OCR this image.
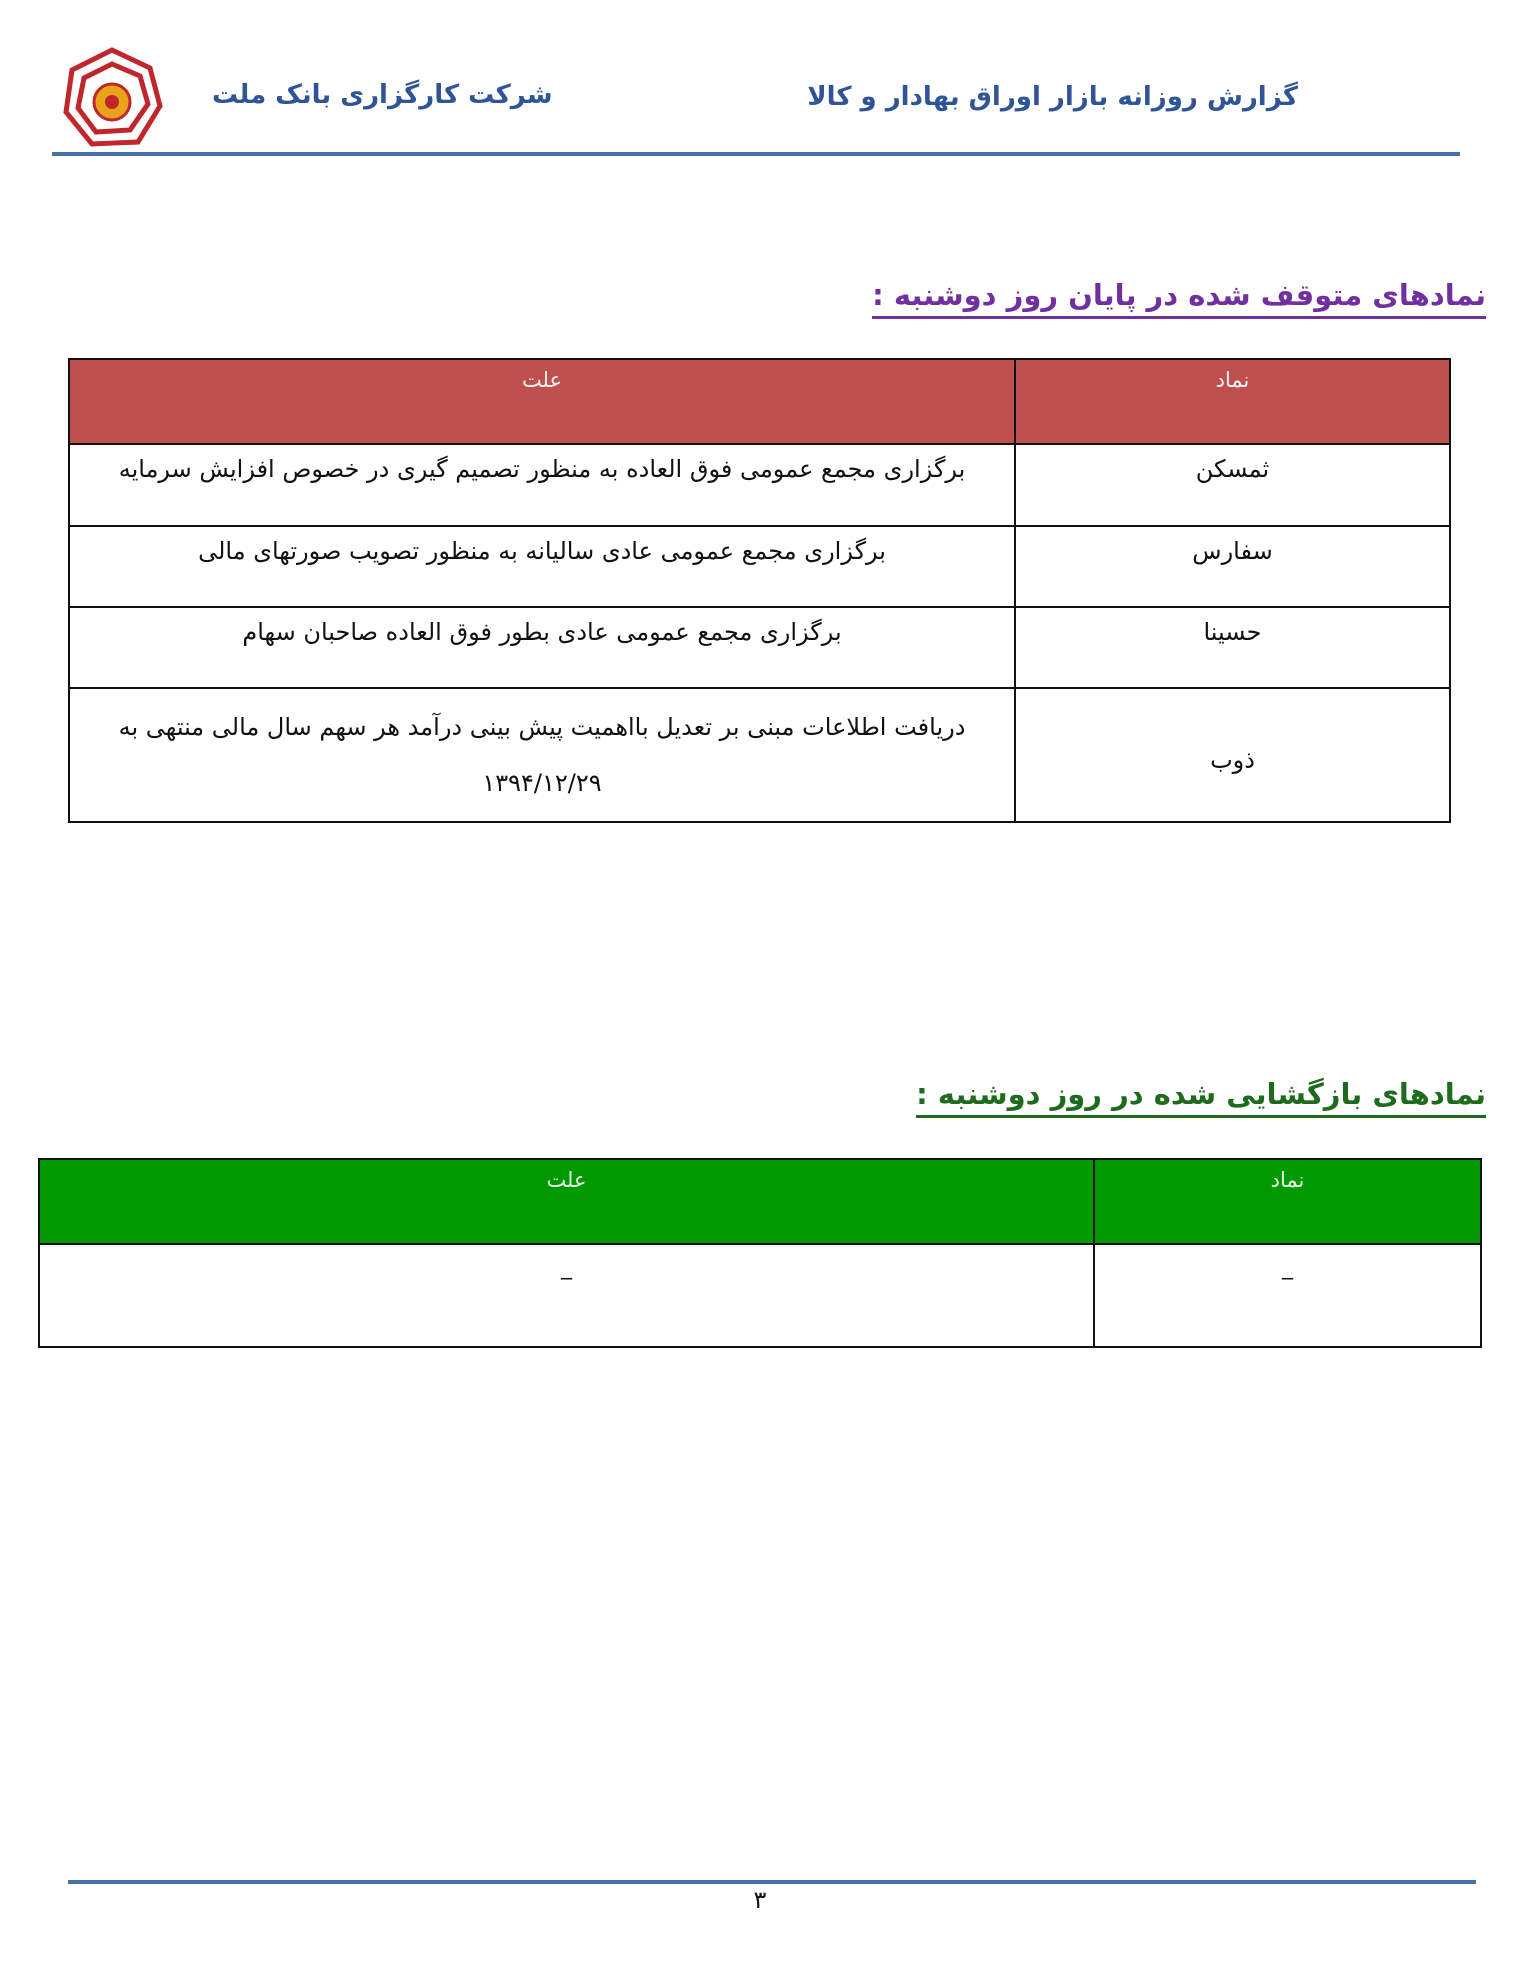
شرکت کارگزاری بانک ملت	گزارش روزانه بازار اوراق بهادار و کالا
نمادهای متوقف شده در پایان روز دوشنبه :
نماد	علت
ثمسکن	برگزاری مجمع عمومی فوق العاده به منظور تصمیم گیری در خصوص افزایش سرمایه
سفارس	برگزاری مجمع عمومی عادی سالیانه به منظور تصویب صورتهای مالی
حسینا	برگزاری مجمع عمومی عادی بطور فوق العاده صاحبان سهام
ذوب	دریافت اطلاعات مبنی بر تعدیل بااهمیت پیش بینی درآمد هر سهم سال مالی منتهی به ۱۳۹۴/۱۲/۲۹
نمادهای بازگشایی شده در روز دوشنبه :
نماد	علت
_	_
۳
